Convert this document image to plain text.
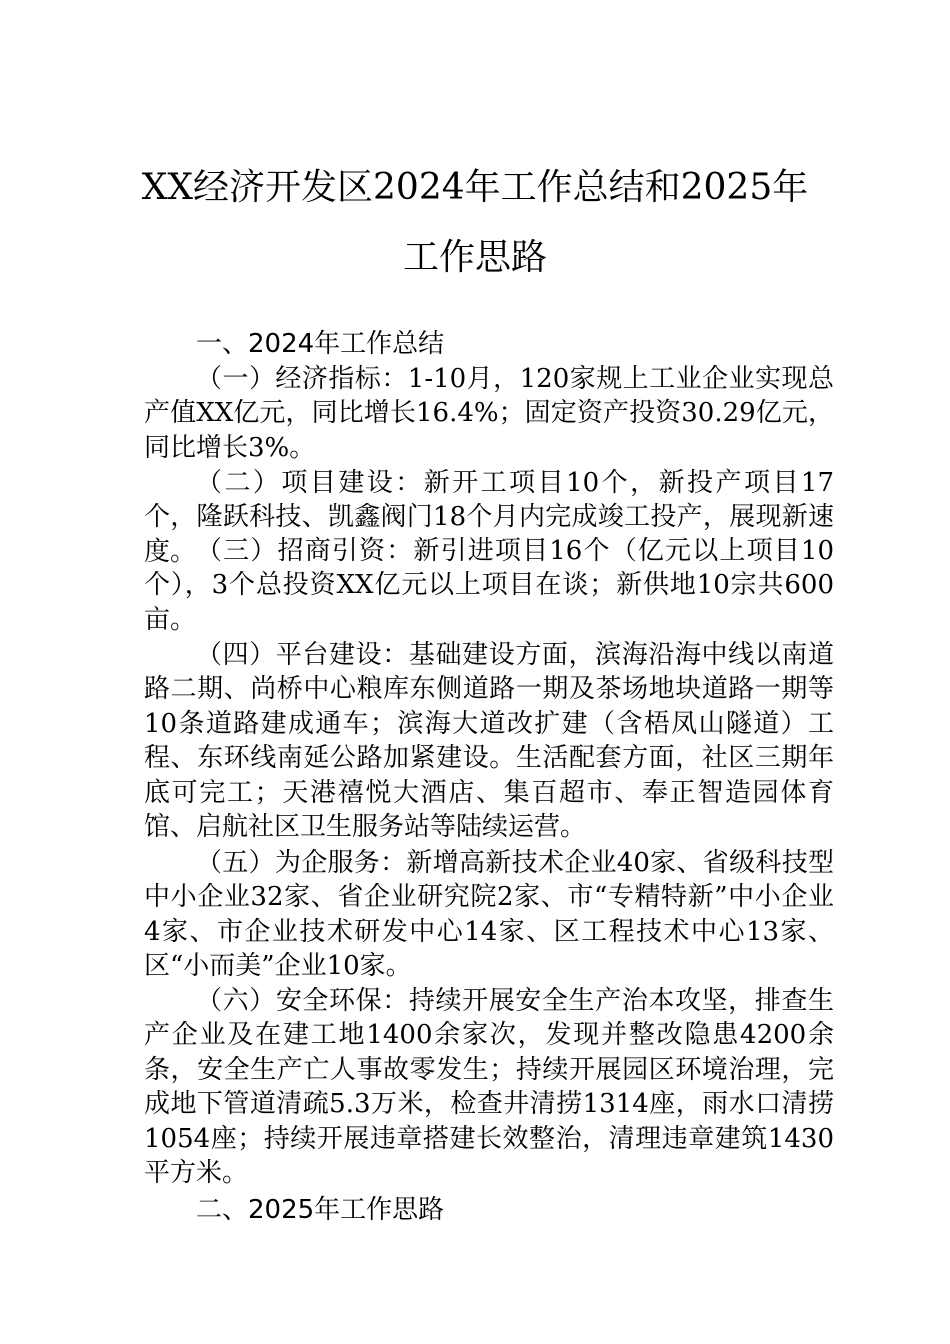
XX经济开发区2024年工作总结和2025年
工作思路

一、2024年工作总结

（一）经济指标：1-10月，120家规上工业企业实现总产值XX亿元，同比增长16.4%；固定资产投资30.29亿元，同比增长3%。

（二）项目建设：新开工项目10个，新投产项目17个，隆跃科技、凯鑫阀门18个月内完成竣工投产，展现新速度。 （三）招商引资：新引进项目16个（亿元以上项目10个），3个总投资XX亿元以上项目在谈；新供地10宗共600亩。

（四）平台建设：基础建设方面，滨海沿海中线以南道路二期、尚桥中心粮库东侧道路一期及茶场地块道路一期等10条道路建成通车；滨海大道改扩建（含梧凤山隧道）工程、东环线南延公路加紧建设。生活配套方面，社区三期年底可完工；天港禧悦大酒店、集百超市、奉正智造园体育馆、启航社区卫生服务站等陆续运营。

（五）为企服务：新增高新技术企业40家、省级科技型中小企业32家、省企业研究院2家、市“专精特新”中小企业4家、市企业技术研发中心14家、区工程技术中心13家、区“小而美”企业10家。

（六）安全环保：持续开展安全生产治本攻坚，排查生产企业及在建工地1400余家次，发现并整改隐患4200余条，安全生产亡人事故零发生；持续开展园区环境治理，完成地下管道清疏5.3万米，检查井清捞1314座，雨水口清捞1054座；持续开展违章搭建长效整治，清理违章建筑1430平方米。

二、2025年工作思路
